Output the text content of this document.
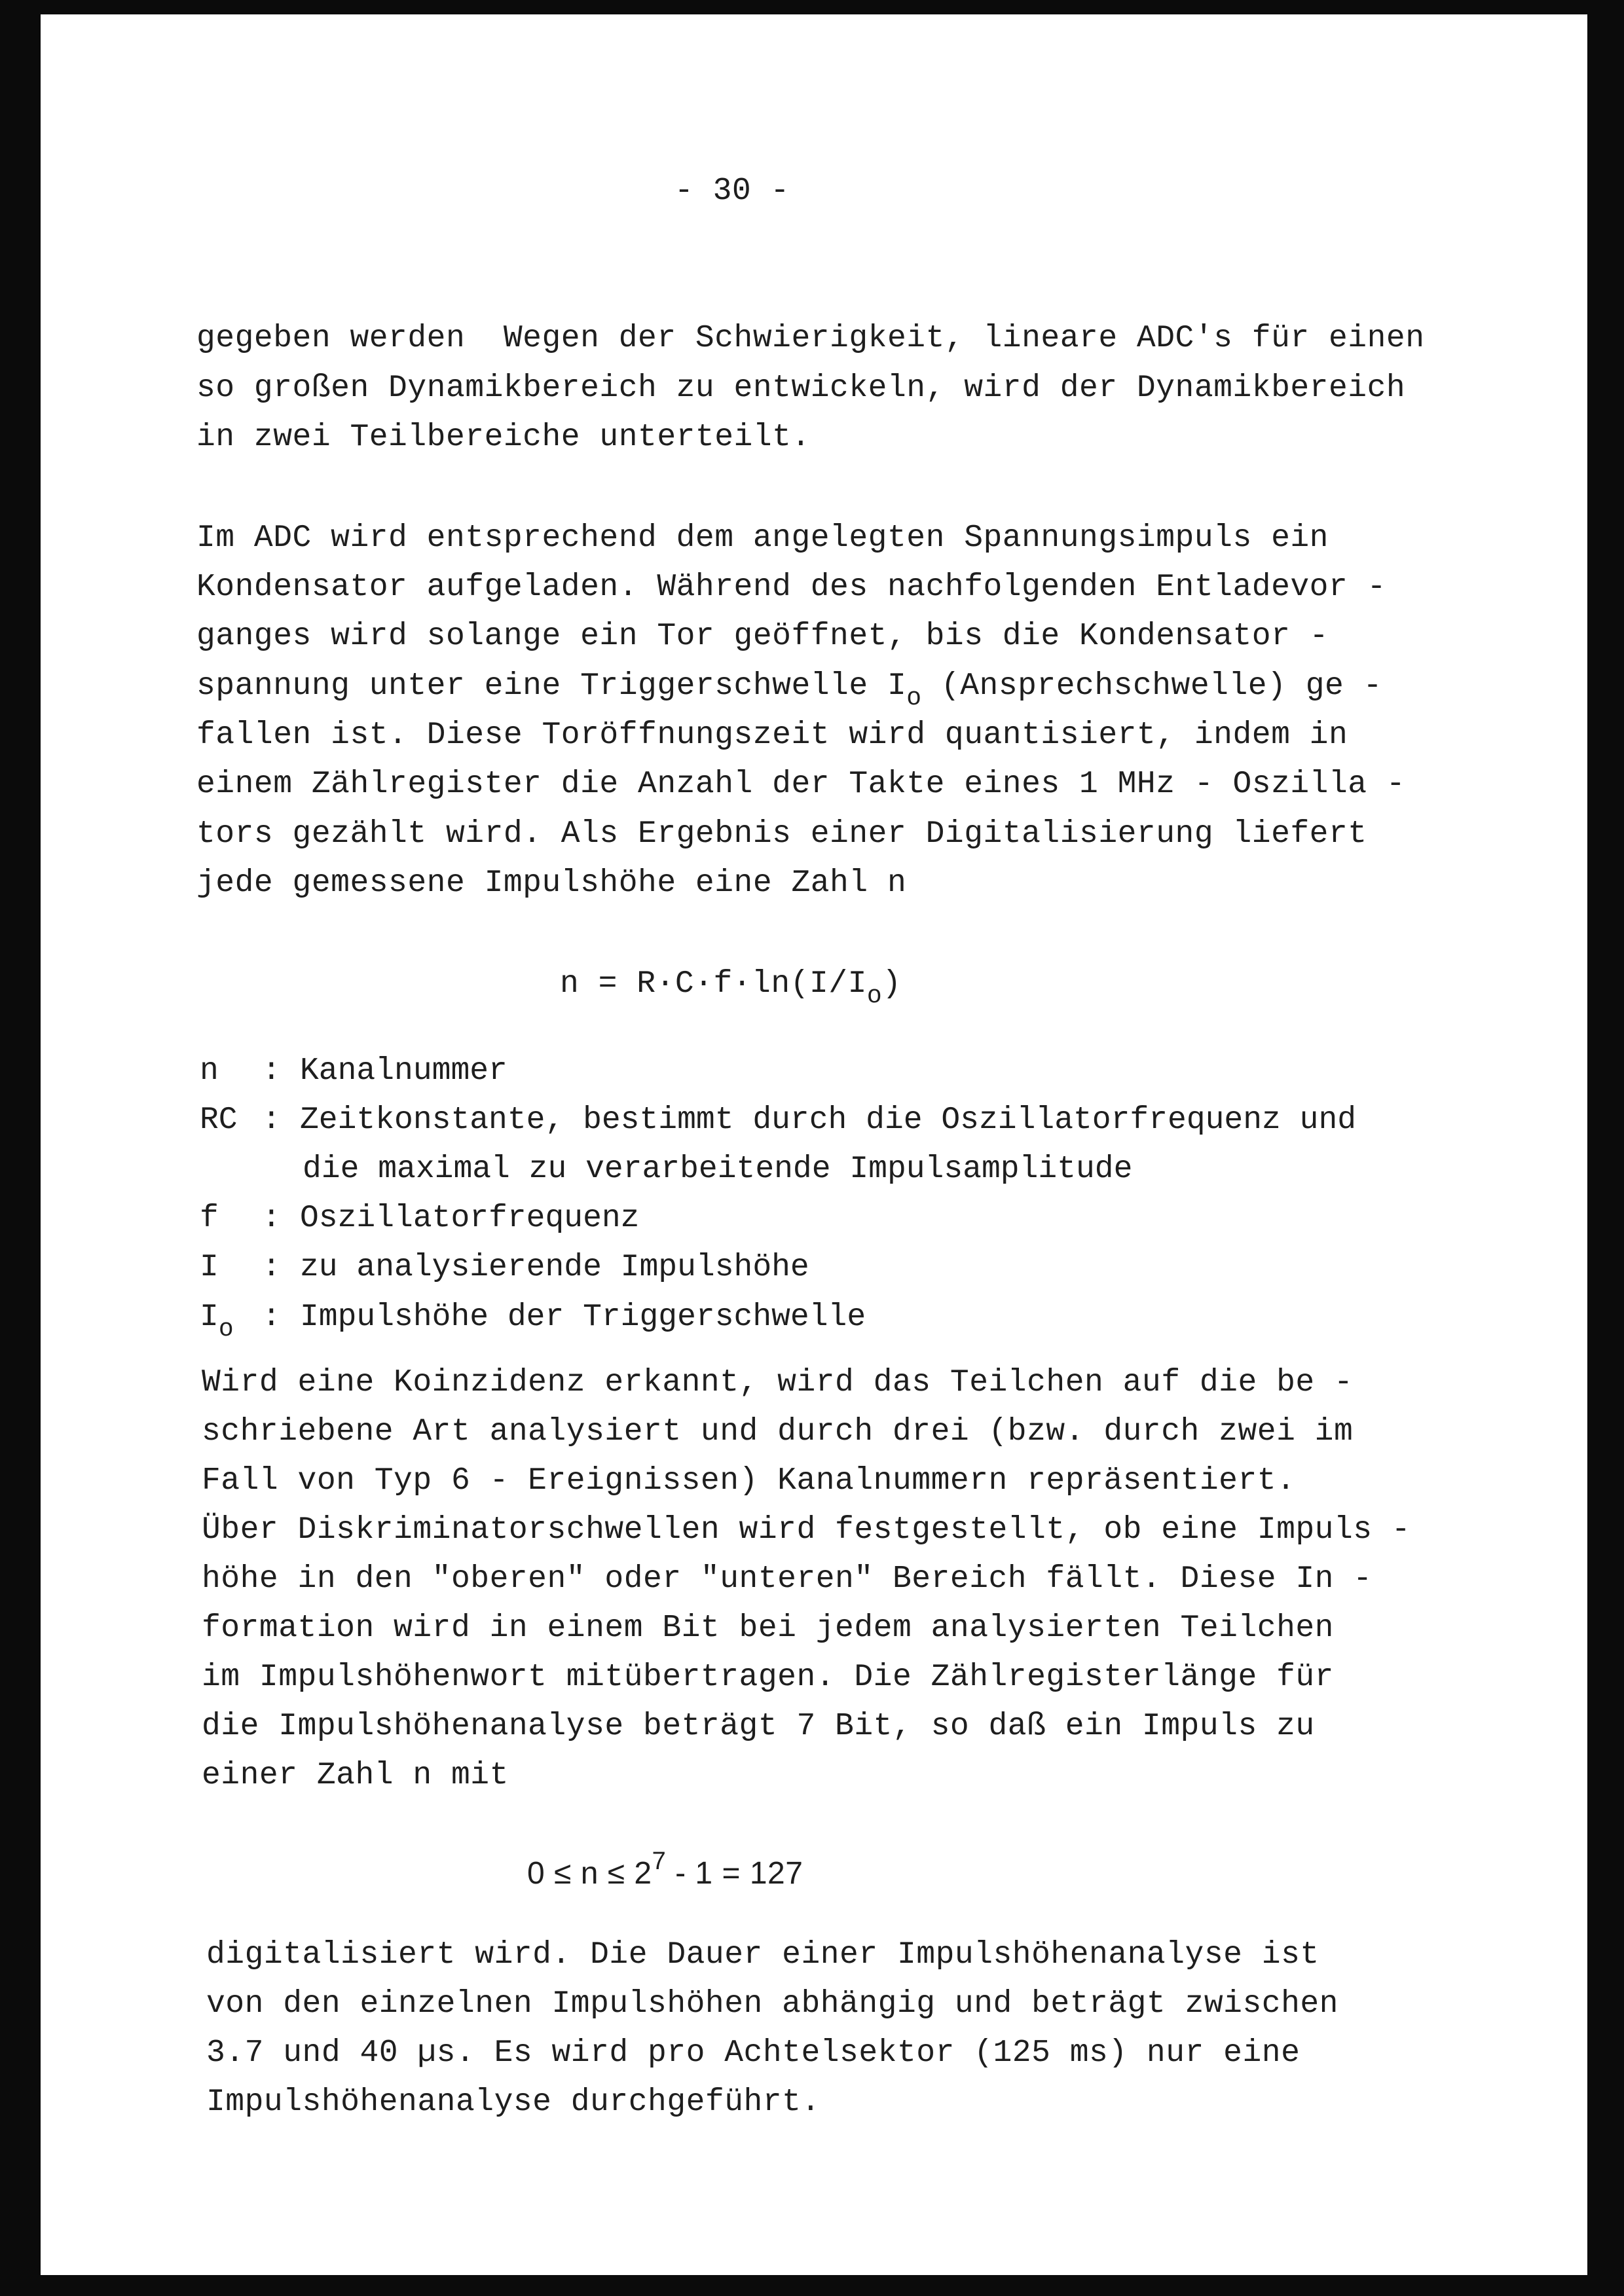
- 30 -
gegeben werden  Wegen der Schwierigkeit, lineare ADC's für einen
so großen Dynamikbereich zu entwickeln, wird der Dynamikbereich
in zwei Teilbereiche unterteilt.
Im ADC wird entsprechend dem angelegten Spannungsimpuls ein
Kondensator aufgeladen. Während des nachfolgenden Entladevor -
ganges wird solange ein Tor geöffnet, bis die Kondensator -
spannung unter eine Triggerschwelle $I_o$ (Ansprechschwelle) ge -
fallen ist. Diese Toröffnungszeit wird quantisiert, indem in
einem Zählregister die Anzahl der Takte eines 1 MHz - Oszilla -
tors gezählt wird. Als Ergebnis einer Digitalisierung liefert
jede gemessene Impulshöhe eine Zahl n
$n = R\cdot C\cdot f\cdot\ln(I/I_o)$
n : Kanalnummer
RC : Zeitkonstante, bestimmt durch die Oszillatorfrequenz und
die maximal zu verarbeitende Impulsamplitude
f : Oszillatorfrequenz
I : zu analysierende Impulshöhe
$I_o$ : Impulshöhe der Triggerschwelle
Wird eine Koinzidenz erkannt, wird das Teilchen auf die be -
schriebene Art analysiert und durch drei (bzw. durch zwei im
Fall von Typ 6 - Ereignissen) Kanalnummern repräsentiert.
Über Diskriminatorschwellen wird festgestellt, ob eine Impuls -
höhe in den "oberen" oder "unteren" Bereich fällt. Diese In -
formation wird in einem Bit bei jedem analysierten Teilchen
im Impulshöhenwort mitübertragen. Die Zählregisterlänge für
die Impulshöhenanalyse beträgt 7 Bit, so daß ein Impuls zu
einer Zahl n mit
$0 \le n \le 2^7 - 1 = 127$
digitalisiert wird. Die Dauer einer Impulshöhenanalyse ist
von den einzelnen Impulshöhen abhängig und beträgt zwischen
3.7 und 40 µs. Es wird pro Achtelsektor (125 ms) nur eine
Impulshöhenanalyse durchgeführt.
